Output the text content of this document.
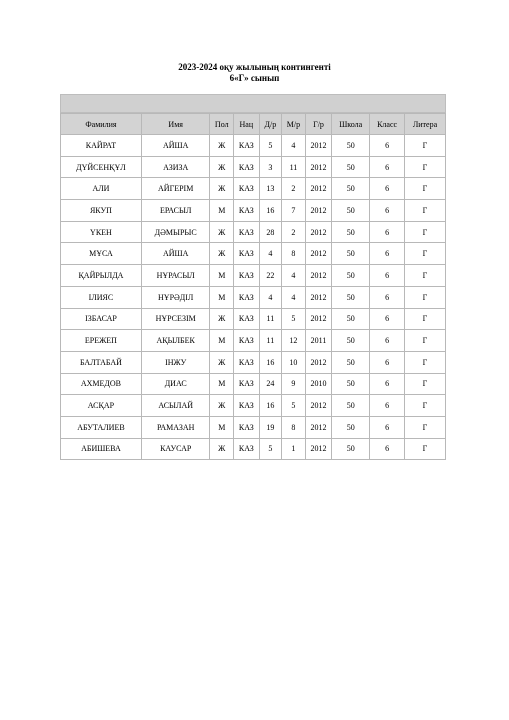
2023-2024 оқу жылының контингенті
6«Г» сынып
Фамилия	Имя	Пол	Нац	Д/р	М/р	Г/р	Школа	Класс	Литера
КАЙРАТ	АЙША	Ж	КАЗ	5	4	2012	50	6	Г
ДҮЙСЕНҚҰЛ	АЗИЗА	Ж	КАЗ	3	11	2012	50	6	Г
АЛИ	АЙГЕРІМ	Ж	КАЗ	13	2	2012	50	6	Г
ЯКУП	ЕРАСЫЛ	М	КАЗ	16	7	2012	50	6	Г
ҮКЕН	ДӘМЫРЫС	Ж	КАЗ	28	2	2012	50	6	Г
МҰСА	АЙША	Ж	КАЗ	4	8	2012	50	6	Г
ҚАЙРЫЛДА	НҰРАСЫЛ	М	КАЗ	22	4	2012	50	6	Г
ІЛИЯС	НҰРӘДІЛ	М	КАЗ	4	4	2012	50	6	Г
ІЗБАСАР	НҰРСЕЗІМ	Ж	КАЗ	11	5	2012	50	6	Г
ЕРЕЖЕП	АҚЫЛБЕК	М	КАЗ	11	12	2011	50	6	Г
БАЛТАБАЙ	ІНЖУ	Ж	КАЗ	16	10	2012	50	6	Г
АХМЕДОВ	ДИАС	М	КАЗ	24	9	2010	50	6	Г
АСҚАР	АСЫЛАЙ	Ж	КАЗ	16	5	2012	50	6	Г
АБУТАЛИЕВ	РАМАЗАН	М	КАЗ	19	8	2012	50	6	Г
АБИШЕВА	КАУСАР	Ж	КАЗ	5	1	2012	50	6	Г
